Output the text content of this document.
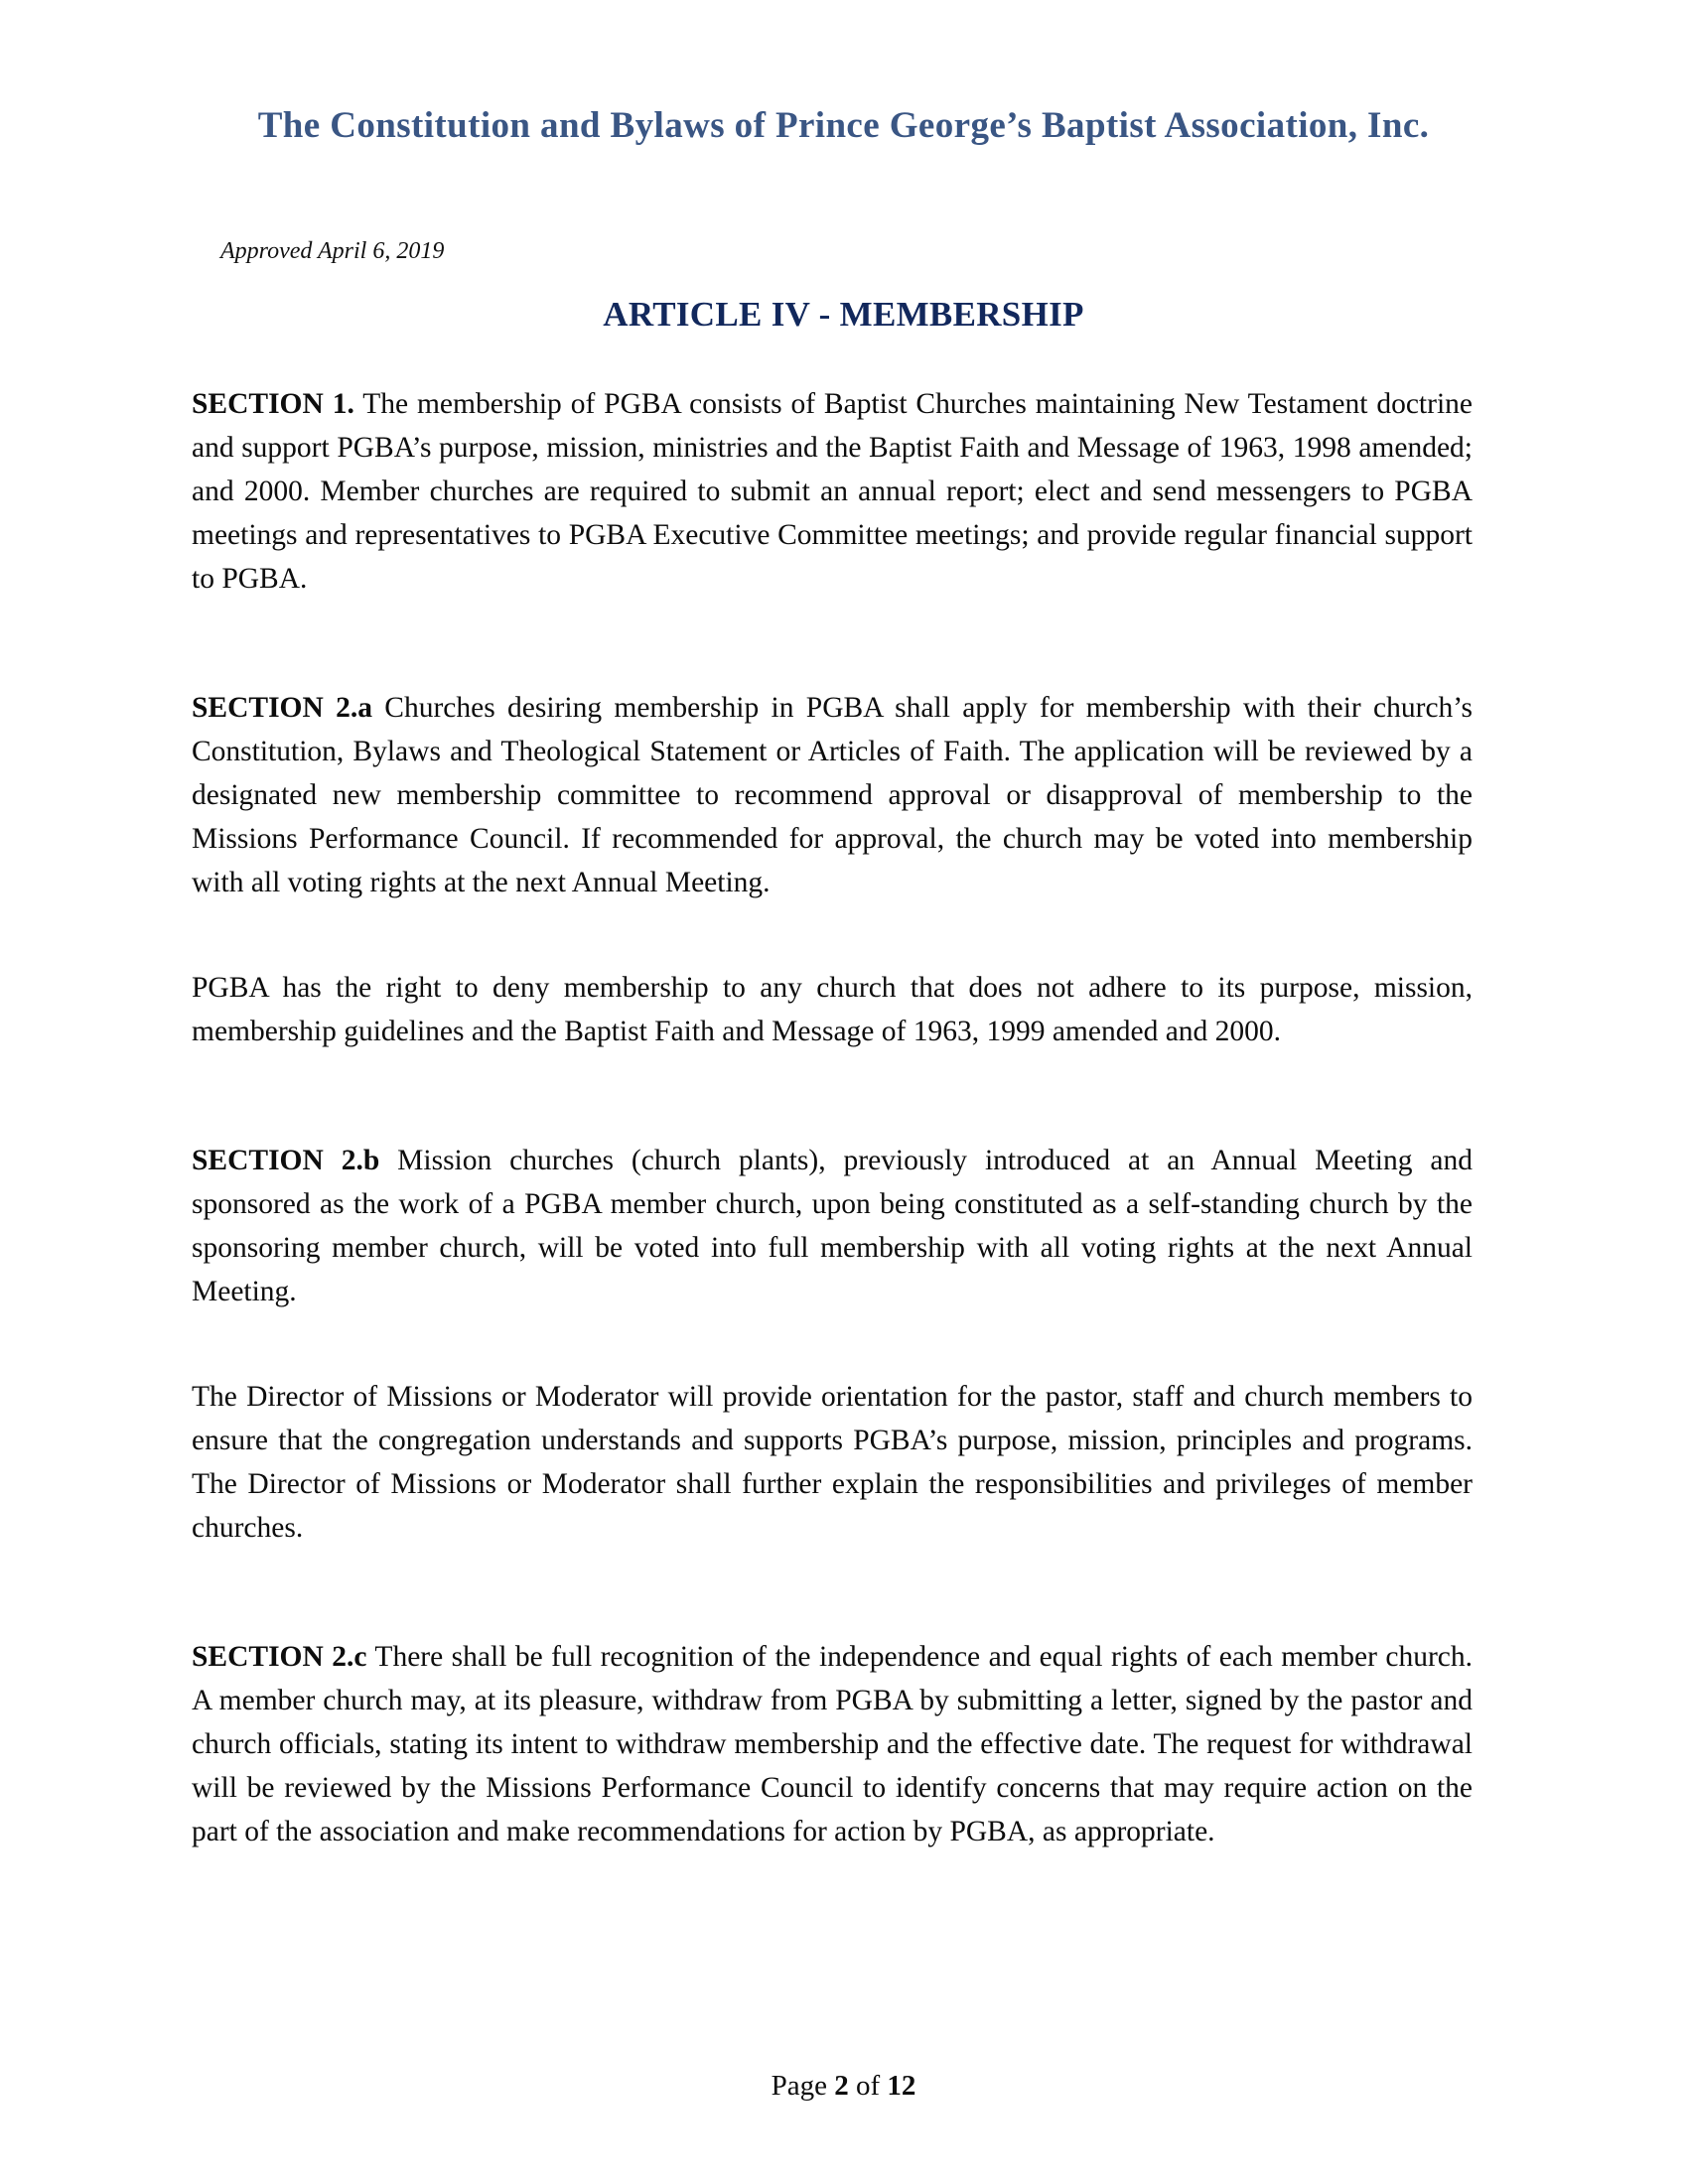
The Constitution and Bylaws of Prince George’s Baptist Association, Inc.
Approved April 6, 2019
ARTICLE IV - MEMBERSHIP

SECTION 1. The membership of PGBA consists of Baptist Churches maintaining New Testament doctrine and support PGBA’s purpose, mission, ministries and the Baptist Faith and Message of 1963, 1998 amended; and 2000. Member churches are required to submit an annual report; elect and send messengers to PGBA meetings and representatives to PGBA Executive Committee meetings; and provide regular financial support to PGBA.

SECTION 2.a Churches desiring membership in PGBA shall apply for membership with their church’s Constitution, Bylaws and Theological Statement or Articles of Faith. The application will be reviewed by a designated new membership committee to recommend approval or disapproval of membership to the Missions Performance Council. If recommended for approval, the church may be voted into membership with all voting rights at the next Annual Meeting.

PGBA has the right to deny membership to any church that does not adhere to its purpose, mission, membership guidelines and the Baptist Faith and Message of 1963, 1999 amended and 2000.

SECTION 2.b Mission churches (church plants), previously introduced at an Annual Meeting and sponsored as the work of a PGBA member church, upon being constituted as a self-standing church by the sponsoring member church, will be voted into full membership with all voting rights at the next Annual Meeting.

The Director of Missions or Moderator will provide orientation for the pastor, staff and church members to ensure that the congregation understands and supports PGBA’s purpose, mission, principles and programs. The Director of Missions or Moderator shall further explain the responsibilities and privileges of member churches.

SECTION 2.c There shall be full recognition of the independence and equal rights of each member church. A member church may, at its pleasure, withdraw from PGBA by submitting a letter, signed by the pastor and church officials, stating its intent to withdraw membership and the effective date. The request for withdrawal will be reviewed by the Missions Performance Council to identify concerns that may require action on the part of the association and make recommendations for action by PGBA, as appropriate.

Page 2 of 12
